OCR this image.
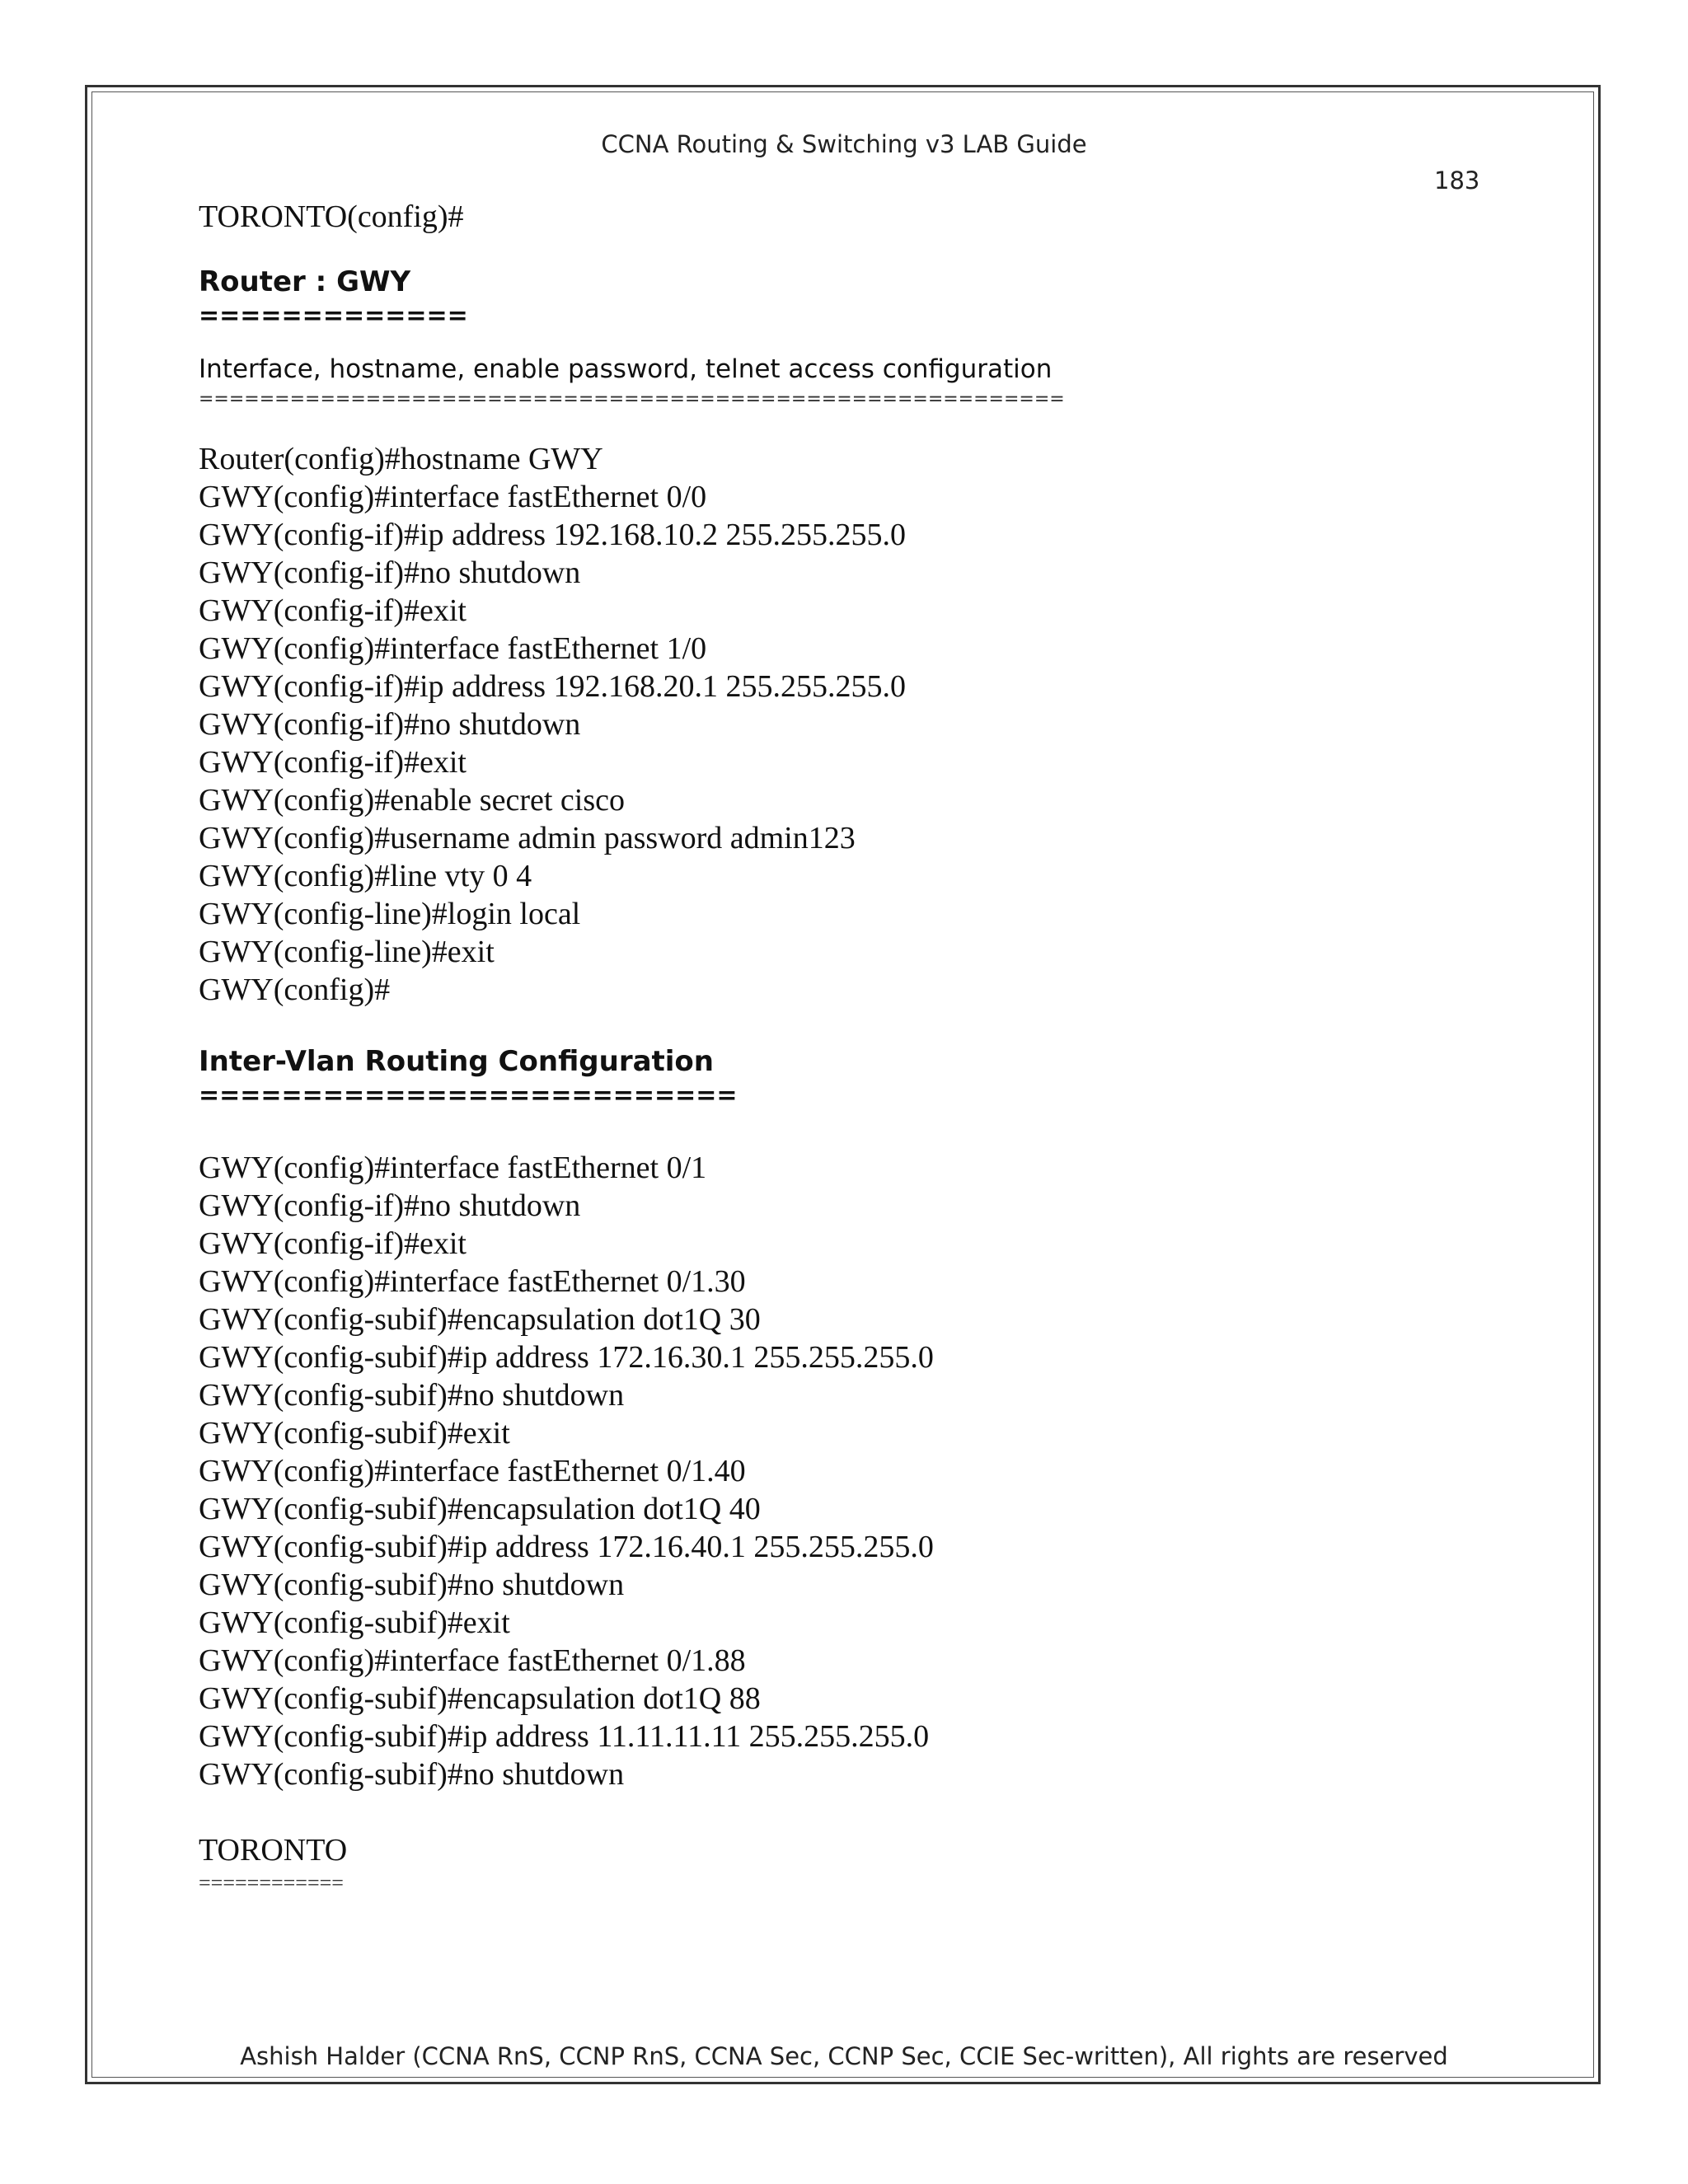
CCNA Routing & Switching v3 LAB Guide
183
TORONTO(config)#
Router : GWY
=============
Interface, hostname, enable password, telnet access configuration
=========================================================
Router(config)#hostname GWY
GWY(config)#interface fastEthernet 0/0
GWY(config-if)#ip address 192.168.10.2 255.255.255.0
GWY(config-if)#no shutdown
GWY(config-if)#exit
GWY(config)#interface fastEthernet 1/0
GWY(config-if)#ip address 192.168.20.1 255.255.255.0
GWY(config-if)#no shutdown
GWY(config-if)#exit
GWY(config)#enable secret cisco
GWY(config)#username admin password admin123
GWY(config)#line vty 0 4
GWY(config-line)#login local
GWY(config-line)#exit
GWY(config)#
Inter-Vlan Routing Configuration
==========================
GWY(config)#interface fastEthernet 0/1
GWY(config-if)#no shutdown
GWY(config-if)#exit
GWY(config)#interface fastEthernet 0/1.30
GWY(config-subif)#encapsulation dot1Q 30
GWY(config-subif)#ip address 172.16.30.1 255.255.255.0
GWY(config-subif)#no shutdown
GWY(config-subif)#exit
GWY(config)#interface fastEthernet 0/1.40
GWY(config-subif)#encapsulation dot1Q 40
GWY(config-subif)#ip address 172.16.40.1 255.255.255.0
GWY(config-subif)#no shutdown
GWY(config-subif)#exit
GWY(config)#interface fastEthernet 0/1.88
GWY(config-subif)#encapsulation dot1Q 88
GWY(config-subif)#ip address 11.11.11.11 255.255.255.0
GWY(config-subif)#no shutdown
TORONTO
============
Ashish Halder (CCNA RnS, CCNP RnS, CCNA Sec, CCNP Sec, CCIE Sec-written), All rights are reserved
